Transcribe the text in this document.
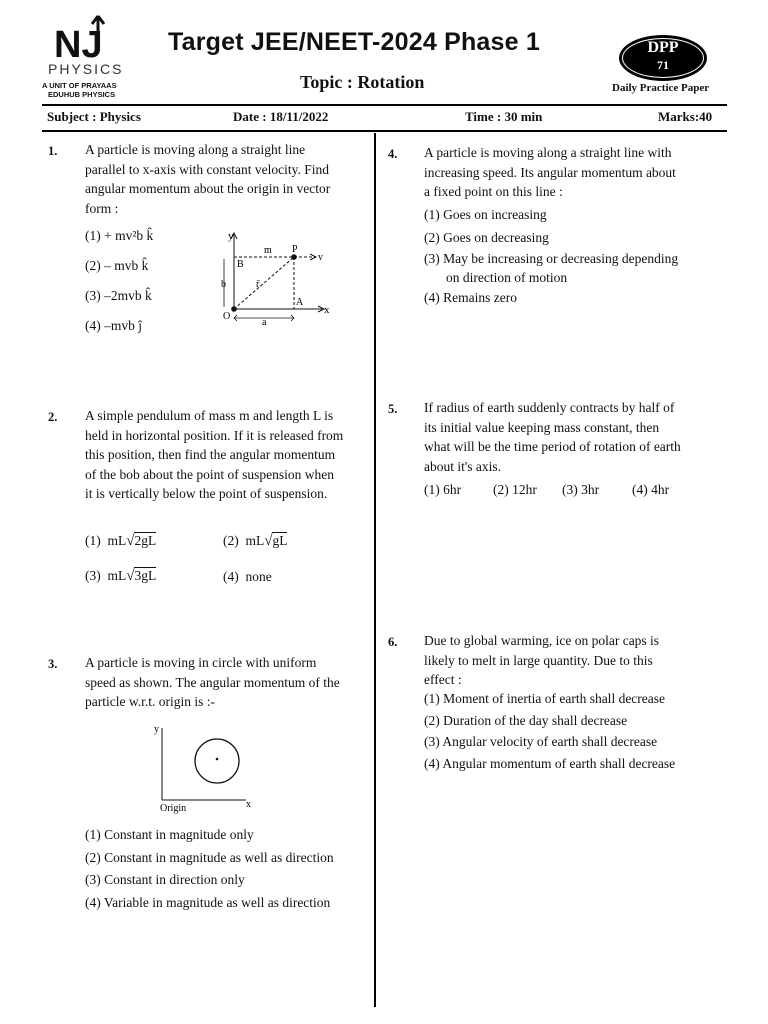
NJ
PHYSICS
A UNIT OF PRAYAAS
EDUHUB PHYSICS
Target JEE/NEET-2024 Phase 1
Topic : Rotation
DPP
71
Daily Practice Paper
Subject : Physics	Date : 18/11/2022	Time : 30 min	Marks:40
1. A particle is moving along a straight line
parallel to x-axis with constant velocity. Find
angular momentum about the origin in vector
form :
(1) + mv²b k̂
(2) – mvb k̂
(3) –2mvb k̂
(4) –mvb ĵ
y
x
m P
v
B
b	r̄
A
O
a
2. A simple pendulum of mass m and length L is
held in horizontal position. If it is released from
this position, then find the angular momentum
of the bob about the point of suspension when
it is vertically below the point of suspension.
(1) mL√2gL	(2) mL√gL
(3) mL√3gL	(4) none
3. A particle is moving in circle with uniform
speed as shown. The angular momentum of the
particle w.r.t. origin is :-
y
x
Origin
(1) Constant in magnitude only
(2) Constant in magnitude as well as direction
(3) Constant in direction only
(4) Variable in magnitude as well as direction
4. A particle is moving along a straight line with
increasing speed. Its angular momentum about
a fixed point on this line :
(1) Goes on increasing
(2) Goes on decreasing
(3) May be increasing or decreasing depending
on direction of motion
(4) Remains zero
5. If radius of earth suddenly contracts by half of
its initial value keeping mass constant, then
what will be the time period of rotation of earth
about it's axis.
(1) 6hr (2) 12hr (3) 3hr (4) 4hr
6. Due to global warming, ice on polar caps is
likely to melt in large quantity. Due to this
effect :
(1) Moment of inertia of earth shall decrease
(2) Duration of the day shall decrease
(3) Angular velocity of earth shall decrease
(4) Angular momentum of earth shall decrease
